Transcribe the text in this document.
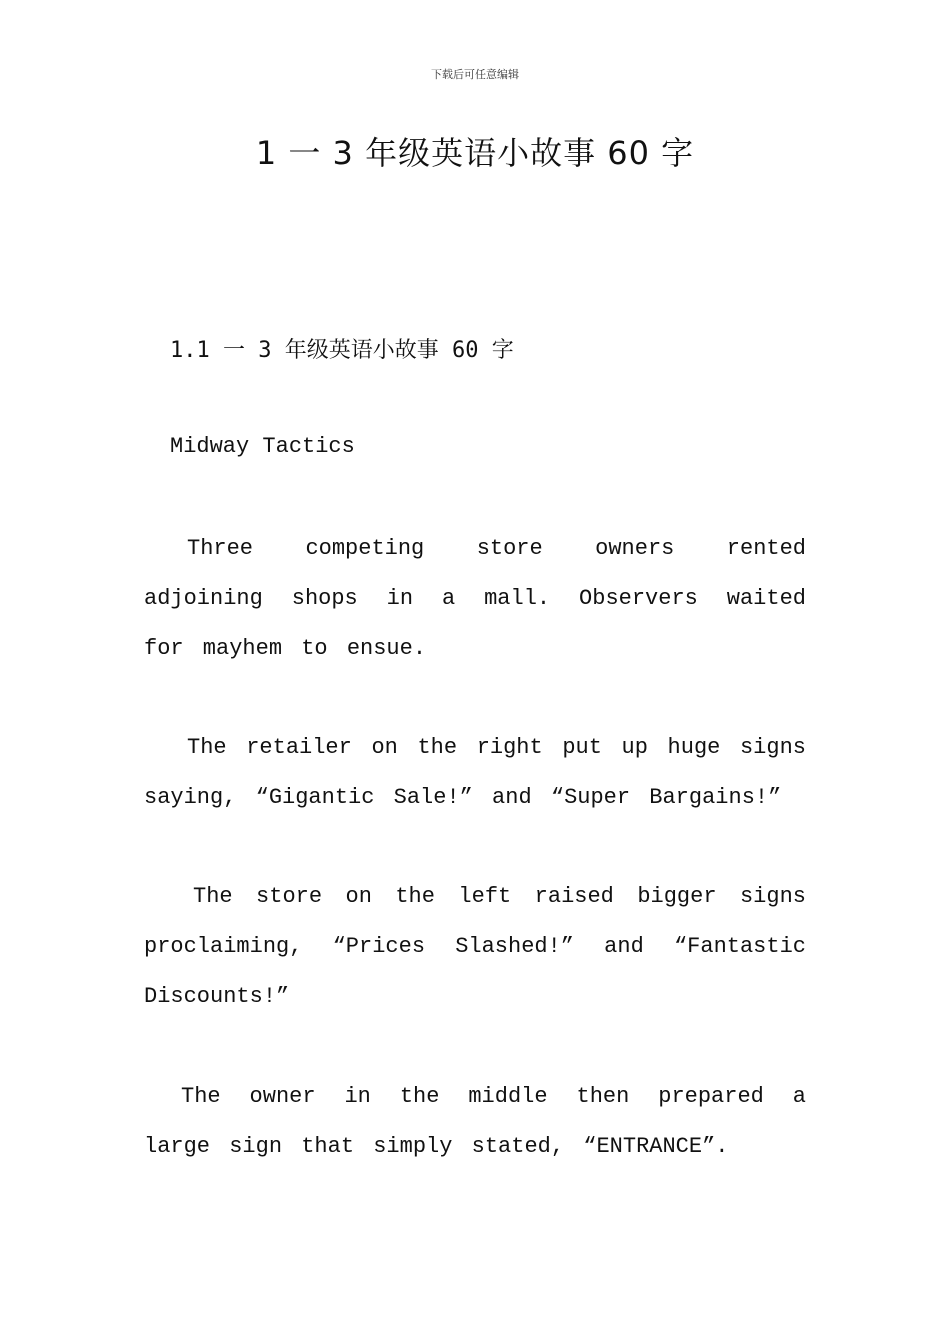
下载后可任意编辑
1 一 3 年级英语小故事 60 字
1.1 一 3 年级英语小故事 60 字
Midway Tactics

Three competing store owners rented adjoining shops in a mall. Observers waited for mayhem to ensue.

The retailer on the right put up huge signs saying, “Gigantic Sale!” and “Super Bargains!”

The store on the left raised bigger signs proclaiming, “Prices Slashed!” and “Fantastic Discounts!”

The owner in the middle then prepared a large sign that simply stated, “ENTRANCE”.
